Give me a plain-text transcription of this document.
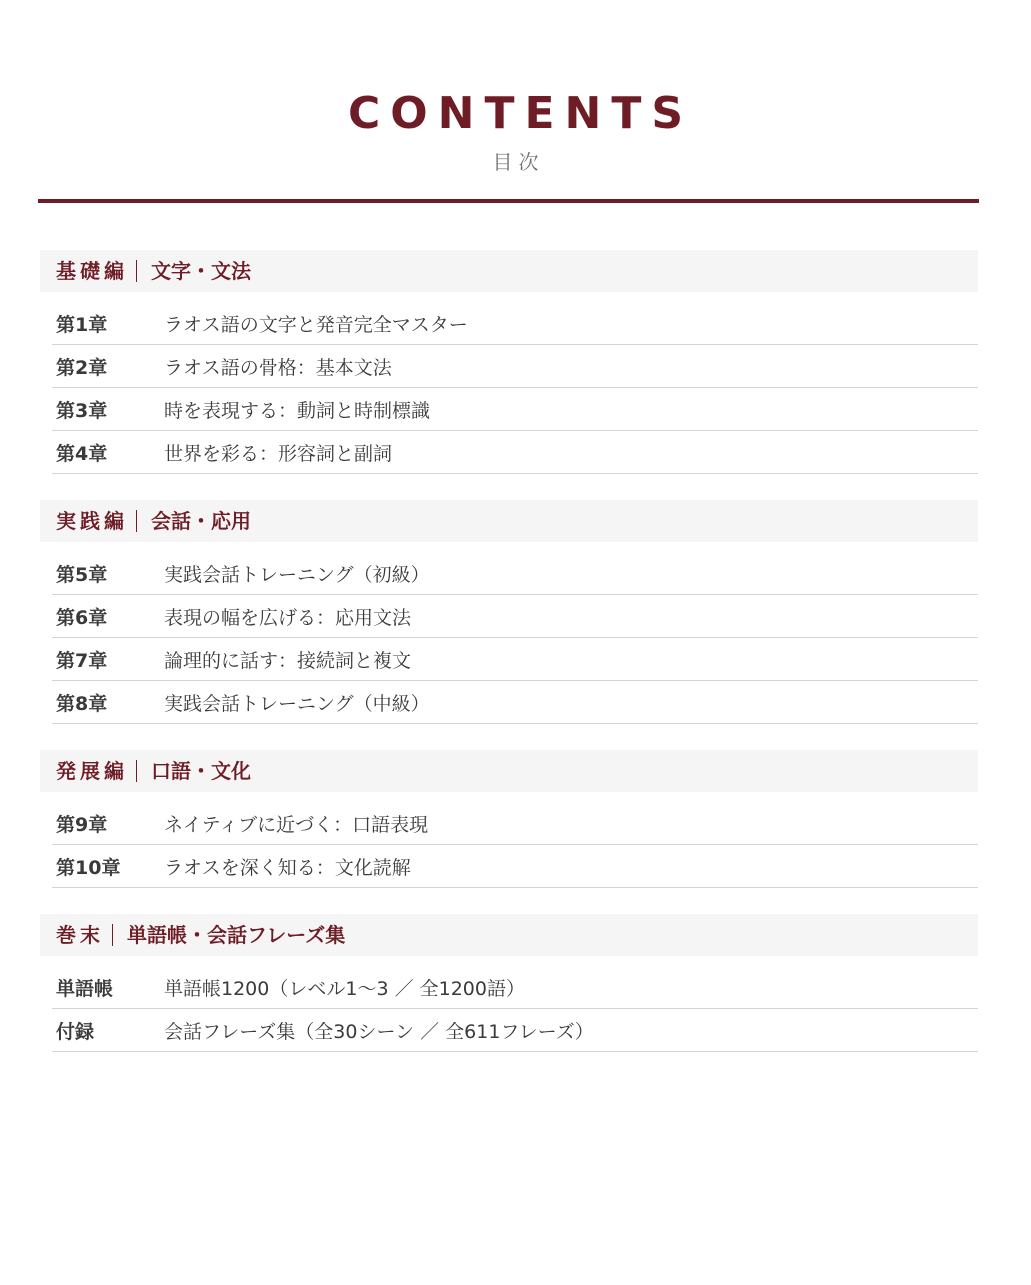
CONTENTS
目次
基礎編 文字・文法
第1章	ラオス語の文字と発音完全マスター
第2章	ラオス語の骨格：基本文法
第3章	時を表現する：動詞と時制標識
第4章	世界を彩る：形容詞と副詞
実践編 会話・応用
第5章	実践会話トレーニング（初級）
第6章	表現の幅を広げる：応用文法
第7章	論理的に話す：接続詞と複文
第8章	実践会話トレーニング（中級）
発展編 口語・文化
第9章	ネイティブに近づく：口語表現
第10章	ラオスを深く知る：文化読解
巻末 単語帳・会話フレーズ集
単語帳	単語帳1200（レベル1〜3 ／ 全1200語）
付録	会話フレーズ集（全30シーン ／ 全611フレーズ）
